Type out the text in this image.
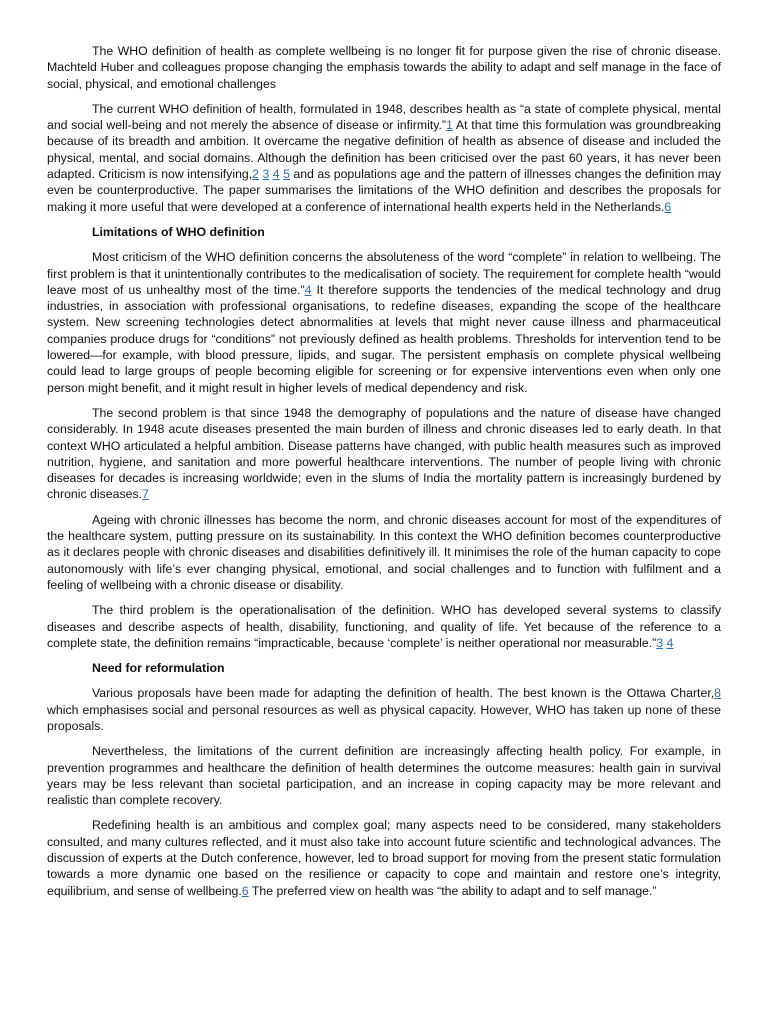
The WHO definition of health as complete wellbeing is no longer fit for purpose given the rise of chronic disease. Machteld Huber and colleagues propose changing the emphasis towards the ability to adapt and self manage in the face of social, physical, and emotional challenges

The current WHO definition of health, formulated in 1948, describes health as “a state of complete physical, mental and social well-being and not merely the absence of disease or infirmity.”1 At that time this formulation was groundbreaking because of its breadth and ambition. It overcame the negative definition of health as absence of disease and included the physical, mental, and social domains. Although the definition has been criticised over the past 60 years, it has never been adapted. Criticism is now intensifying,2 3 4 5 and as populations age and the pattern of illnesses changes the definition may even be counterproductive. The paper summarises the limitations of the WHO definition and describes the proposals for making it more useful that were developed at a conference of international health experts held in the Netherlands.6

Limitations of WHO definition

Most criticism of the WHO definition concerns the absoluteness of the word “complete” in relation to wellbeing. The first problem is that it unintentionally contributes to the medicalisation of society. The requirement for complete health “would leave most of us unhealthy most of the time.”4 It therefore supports the tendencies of the medical technology and drug industries, in association with professional organisations, to redefine diseases, expanding the scope of the healthcare system. New screening technologies detect abnormalities at levels that might never cause illness and pharmaceutical companies produce drugs for “conditions” not previously defined as health problems. Thresholds for intervention tend to be lowered—for example, with blood pressure, lipids, and sugar. The persistent emphasis on complete physical wellbeing could lead to large groups of people becoming eligible for screening or for expensive interventions even when only one person might benefit, and it might result in higher levels of medical dependency and risk.

The second problem is that since 1948 the demography of populations and the nature of disease have changed considerably. In 1948 acute diseases presented the main burden of illness and chronic diseases led to early death. In that context WHO articulated a helpful ambition. Disease patterns have changed, with public health measures such as improved nutrition, hygiene, and sanitation and more powerful healthcare interventions. The number of people living with chronic diseases for decades is increasing worldwide; even in the slums of India the mortality pattern is increasingly burdened by chronic diseases.7

Ageing with chronic illnesses has become the norm, and chronic diseases account for most of the expenditures of the healthcare system, putting pressure on its sustainability. In this context the WHO definition becomes counterproductive as it declares people with chronic diseases and disabilities definitively ill. It minimises the role of the human capacity to cope autonomously with life’s ever changing physical, emotional, and social challenges and to function with fulfilment and a feeling of wellbeing with a chronic disease or disability.

The third problem is the operationalisation of the definition. WHO has developed several systems to classify diseases and describe aspects of health, disability, functioning, and quality of life. Yet because of the reference to a complete state, the definition remains “impracticable, because ‘complete’ is neither operational nor measurable.”3 4

Need for reformulation

Various proposals have been made for adapting the definition of health. The best known is the Ottawa Charter,8 which emphasises social and personal resources as well as physical capacity. However, WHO has taken up none of these proposals.

Nevertheless, the limitations of the current definition are increasingly affecting health policy. For example, in prevention programmes and healthcare the definition of health determines the outcome measures: health gain in survival years may be less relevant than societal participation, and an increase in coping capacity may be more relevant and realistic than complete recovery.

Redefining health is an ambitious and complex goal; many aspects need to be considered, many stakeholders consulted, and many cultures reflected, and it must also take into account future scientific and technological advances. The discussion of experts at the Dutch conference, however, led to broad support for moving from the present static formulation towards a more dynamic one based on the resilience or capacity to cope and maintain and restore one’s integrity, equilibrium, and sense of wellbeing.6 The preferred view on health was “the ability to adapt and to self manage.”
